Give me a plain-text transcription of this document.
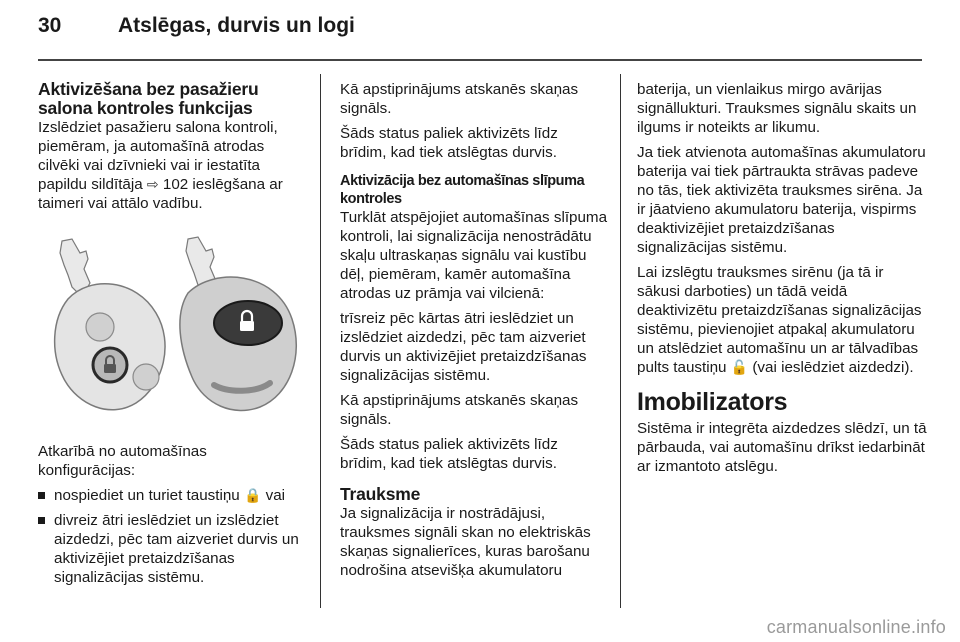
30	Atslēgas, durvis un logi
Aktivizēšana bez pasažieru salona kontroles funkcijas

Izslēdziet pasažieru salona kontroli, piemēram, ja automašīnā atrodas cilvēki vai dzīvnieki vai ir iestatīta papildu sildītāja ⇨ 102 ieslēgšana ar taimeri vai attālo vadību.

Atkarībā no automašīnas konfigurācijas:

nospiediet un turiet taustiņu 🔒 vai
divreiz ātri ieslēdziet un izslēdziet aizdedzi, pēc tam aizveriet durvis un aktivizējiet pretaizdzīšanas signalizācijas sistēmu.

Kā apstiprinājums atskanēs skaņas signāls.

Šāds status paliek aktivizēts līdz brīdim, kad tiek atslēgtas durvis.

Aktivizācija bez automašīnas slīpuma kontroles

Turklāt atspējojiet automašīnas slīpuma kontroli, lai signalizācija nenostrādātu skaļu ultraskaņas signālu vai kustību dēļ, piemēram, kamēr automašīna atrodas uz prāmja vai vilcienā:

trīsreiz pēc kārtas ātri ieslēdziet un izslēdziet aizdedzi, pēc tam aizveriet durvis un aktivizējiet pretaizdzīšanas signalizācijas sistēmu.

Kā apstiprinājums atskanēs skaņas signāls.

Šāds status paliek aktivizēts līdz brīdim, kad tiek atslēgtas durvis.

Trauksme

Ja signalizācija ir nostrādājusi, trauksmes signāli skan no elektriskās skaņas signalierīces, kuras barošanu nodrošina atsevišķa akumulatoru

baterija, un vienlaikus mirgo avārijas signāllukturi. Trauksmes signālu skaits un ilgums ir noteikts ar likumu.

Ja tiek atvienota automašīnas akumulatoru baterija vai tiek pārtraukta strāvas padeve no tās, tiek aktivizēta trauksmes sirēna. Ja ir jāatvieno akumulatoru baterija, vispirms deaktivizējiet pretaizdzīšanas signalizācijas sistēmu.

Lai izslēgtu trauksmes sirēnu (ja tā ir sākusi darboties) un tādā veidā deaktivizētu pretaizdzīšanas signalizācijas sistēmu, pievienojiet atpakaļ akumulatoru un atslēdziet automašīnu un ar tālvadības pults taustiņu 🔓 (vai ieslēdziet aizdedzi).

Imobilizators

Sistēma ir integrēta aizdedzes slēdzī, un tā pārbauda, vai automašīnu drīkst iedarbināt ar izmantoto atslēgu.

carmanualsonline.info
